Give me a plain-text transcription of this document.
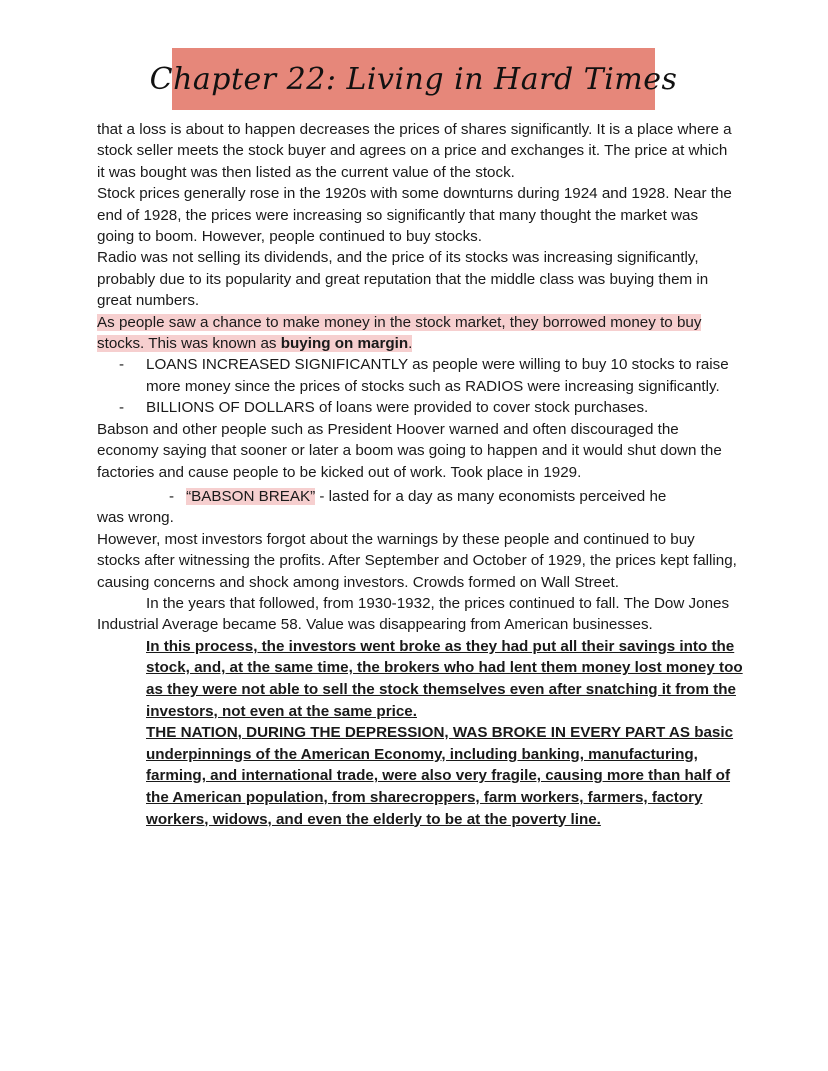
Chapter 22: Living in Hard Times

that a loss is about to happen decreases the prices of shares significantly. It is a place where a stock seller meets the stock buyer and agrees on a price and exchanges it. The price at which it was bought was then listed as the current value of the stock.

Stock prices generally rose in the 1920s with some downturns during 1924 and 1928. Near the end of 1928, the prices were increasing so significantly that many thought the market was going to boom. However, people continued to buy stocks.

Radio was not selling its dividends, and the price of its stocks was increasing significantly, probably due to its popularity and great reputation that the middle class was buying them in great numbers.

As people saw a chance to make money in the stock market, they borrowed money to buy stocks. This was known as buying on margin.

- LOANS INCREASED SIGNIFICANTLY as people were willing to buy 10 stocks to raise more money since the prices of stocks such as RADIOS were increasing significantly.
- BILLIONS OF DOLLARS of loans were provided to cover stock purchases.

Babson and other people such as President Hoover warned and often discouraged the economy saying that sooner or later a boom was going to happen and it would shut down the factories and cause people to be kicked out of work. Took place in 1929.

- “BABSON BREAK” - lasted for a day as many economists perceived he

was wrong.

However, most investors forgot about the warnings by these people and continued to buy stocks after witnessing the profits. After September and October of 1929, the prices kept falling, causing concerns and shock among investors. Crowds formed on Wall Street.

In the years that followed, from 1930-1932, the prices continued to fall. The Dow Jones Industrial Average became 58. Value was disappearing from American businesses.

In this process, the investors went broke as they had put all their savings into the stock, and, at the same time, the brokers who had lent them money lost money too as they were not able to sell the stock themselves even after snatching it from the investors, not even at the same price.

THE NATION, DURING THE DEPRESSION, WAS BROKE IN EVERY PART AS basic underpinnings of the American Economy, including banking, manufacturing, farming, and international trade, were also very fragile, causing more than half of the American population, from sharecroppers, farm workers, farmers, factory workers, widows, and even the elderly to be at the poverty line.
